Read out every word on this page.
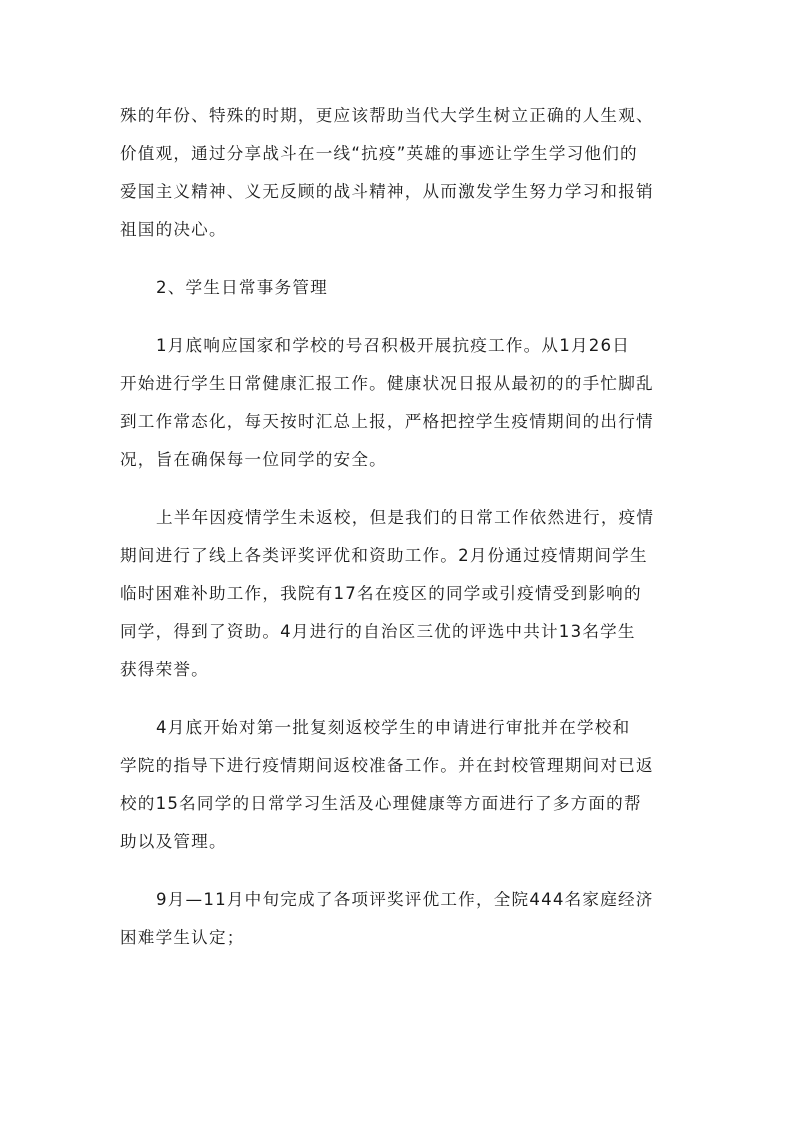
殊的年份、特殊的时期，更应该帮助当代大学生树立正确的人生观、
价值观，通过分享战斗在一线“抗疫”英雄的事迹让学生学习他们的
爱国主义精神、义无反顾的战斗精神，从而激发学生努力学习和报销
祖国的决心。

2、学生日常事务管理

1月底响应国家和学校的号召积极开展抗疫工作。从1月26日
开始进行学生日常健康汇报工作。健康状况日报从最初的的手忙脚乱
到工作常态化，每天按时汇总上报，严格把控学生疫情期间的出行情
况，旨在确保每一位同学的安全。

上半年因疫情学生未返校，但是我们的日常工作依然进行，疫情
期间进行了线上各类评奖评优和资助工作。2月份通过疫情期间学生
临时困难补助工作，我院有17名在疫区的同学或引疫情受到影响的
同学，得到了资助。4月进行的自治区三优的评选中共计13名学生
获得荣誉。

4月底开始对第一批复刻返校学生的申请进行审批并在学校和
学院的指导下进行疫情期间返校准备工作。并在封校管理期间对已返
校的15名同学的日常学习生活及心理健康等方面进行了多方面的帮
助以及管理。

9月—11月中旬完成了各项评奖评优工作，全院444名家庭经济
困难学生认定；
